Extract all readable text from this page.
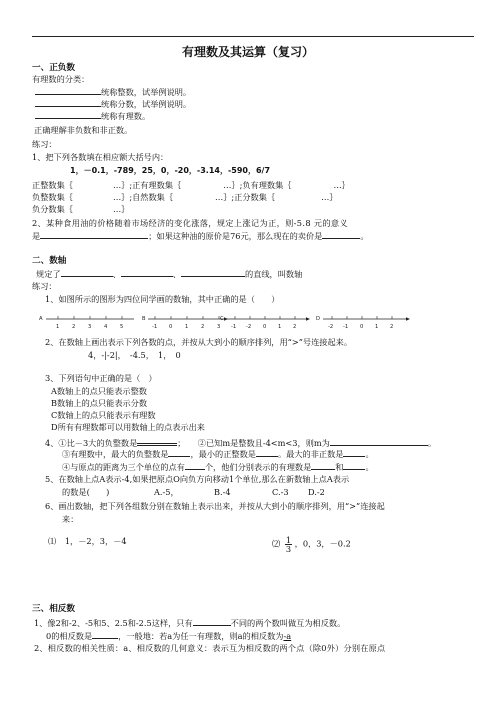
有理数及其运算（复习）
一、正负数
有理数的分类：
统称整数，试举例说明。
统称分数，试举例说明。
统称有理数。
正确理解非负数和非正数。
练习：
1、把下列各数填在相应额大括号内：
1，－0.1，-789，25，0，-20，-3.14，-590，6/7
正整数集｛	…｝;正有理数集｛	…｝;负有理数集｛	…｝
负整数集｛	…｝;自然数集｛	…｝;正分数集｛	…｝
负分数集｛	…｝
2、某种食用油的价格随着市场经济的变化涨落，规定上涨记为正，则-5.8 元的意义
是	；如果这种油的原价是76元，那么现在的卖价是	。
二、数轴
规定了	、	、	的直线，叫数轴
练习：
1、如图所示的图形为四位同学画的数轴，其中正确的是（　　）
A
1 2 3 4 5
B
-1 0 1 2 3
C
-1 -2 0 1 2
D
-2 -1 0 1 2
2、在数轴上画出表示下列各数的点，并按从大到小的顺序排列，用“>”号连接起来。
4，-|-2|，　-4.5，　1，　0
3、下列语句中正确的是（　）
A数轴上的点只能表示整数
B数轴上的点只能表示分数
C数轴上的点只能表示有理数
D所有有理数都可以用数轴上的点表示出来
4、①比－3大的负整数是	；　　②已知m是整数且-4<m<3，则m为	。
③有理数中，最大的负整数是	，最小的正整数是	。最大的非正数是	。
④与原点的距离为三个单位的点有 个，他们分别表示的有理数是	和	。
5、在数轴上点A表示-4,如果把原点O向负方向移动1个单位,那么在新数轴上点A表示
的数是(　　)	A.-5，	B.-4	C.-3 D.-2
6、画出数轴，把下列各组数分别在数轴上表示出来，并按从大到小的顺序排列，用“>”连接起
来：
⑴ 1，－2，3，－4	⑵ $\frac{1}{3}$ ，0，3，－0.2
三、相反数
1、像2和-2、-5和5、2.5和-2.5这样，只有	不同的两个数叫做互为相反数。
0的相反数是	，一般地：若a为任一有理数，则a的相反数为-a
2、相反数的相关性质：a、相反数的几何意义：表示互为相反数的两个点（除0外）分别在原点
